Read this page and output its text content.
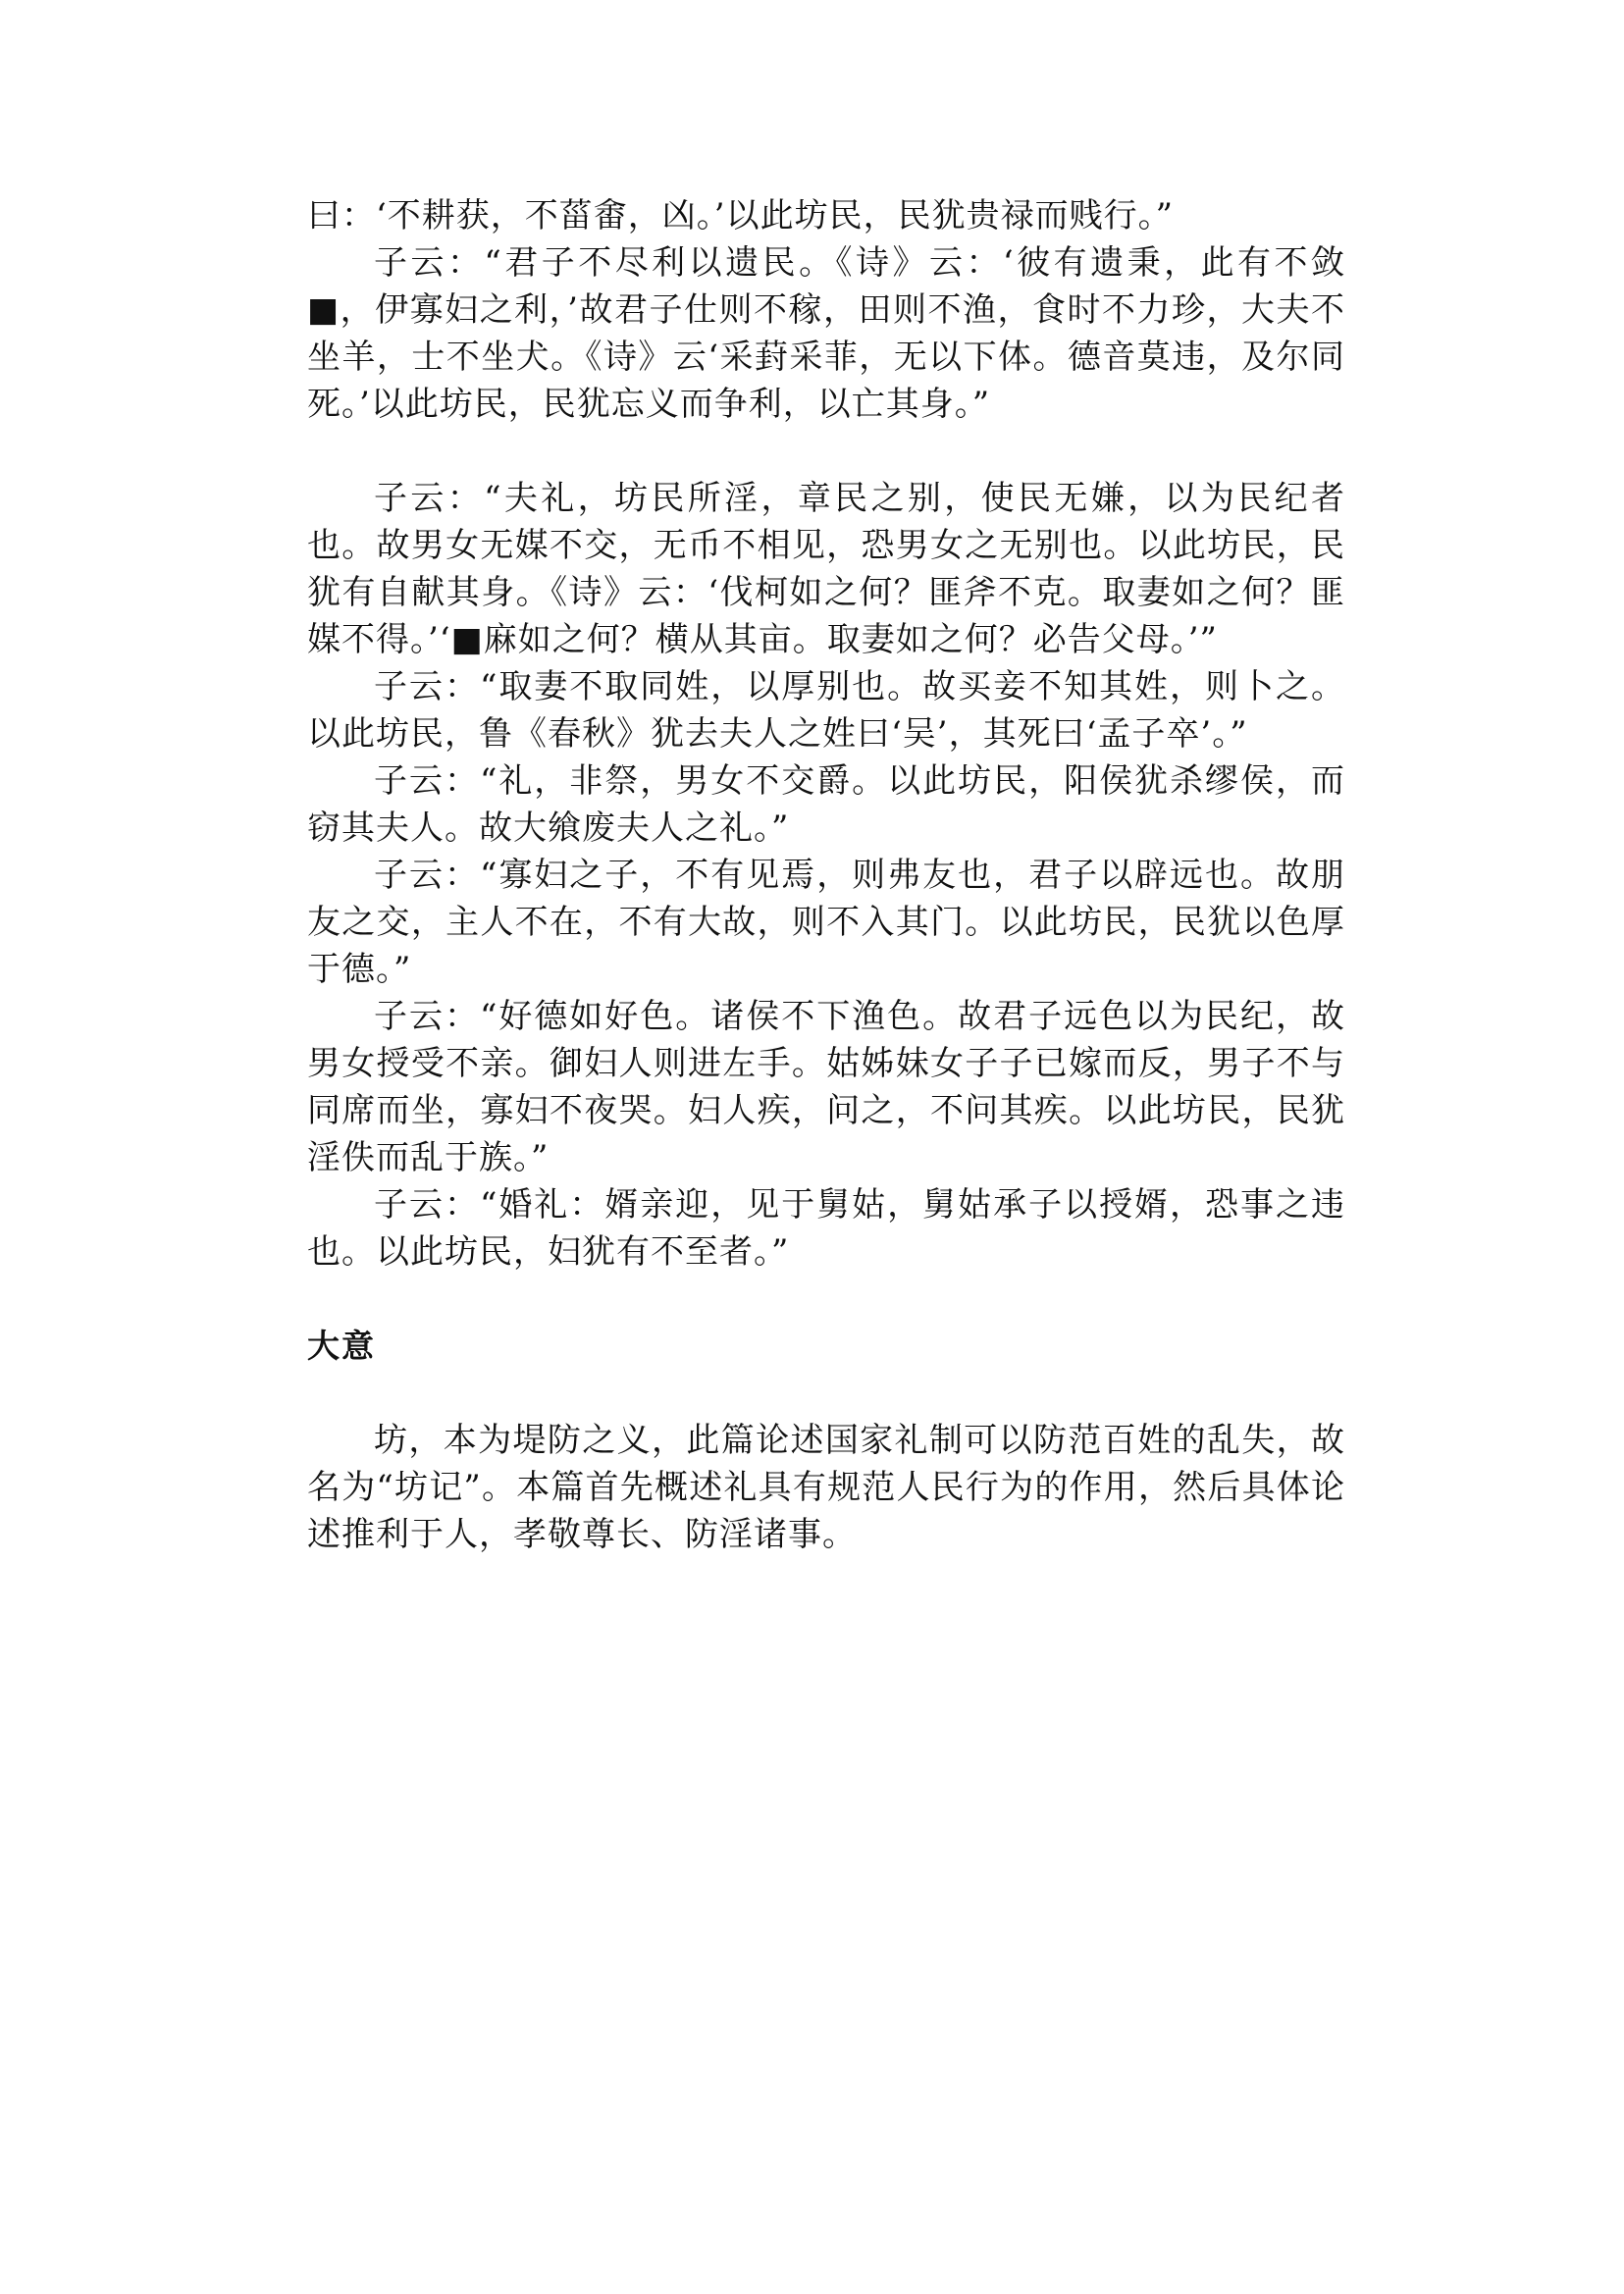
曰：‘不耕获，不菑畬，凶。’以此坊民，民犹贵禄而贱行。”

子云：“君子不尽利以遗民。《诗》云：‘彼有遗秉，此有不敛■，伊寡妇之利，’故君子仕则不稼，田则不渔，食时不力珍，大夫不坐羊，士不坐犬。《诗》云‘采葑采菲，无以下体。德音莫违，及尔同死。’以此坊民，民犹忘义而争利，以亡其身。”

子云：“夫礼，坊民所淫，章民之别，使民无嫌，以为民纪者也。故男女无媒不交，无币不相见，恐男女之无别也。以此坊民，民犹有自献其身。《诗》云：‘伐柯如之何？匪斧不克。取妻如之何？匪媒不得。’‘■麻如之何？横从其亩。取妻如之何？必告父母。’”

子云：“取妻不取同姓，以厚别也。故买妾不知其姓，则卜之。以此坊民，鲁《春秋》犹去夫人之姓曰‘吴’，其死曰‘孟子卒’。”

子云：“礼，非祭，男女不交爵。以此坊民，阳侯犹杀缪侯，而窃其夫人。故大飨废夫人之礼。”

子云：“寡妇之子，不有见焉，则弗友也，君子以辟远也。故朋友之交，主人不在，不有大故，则不入其门。以此坊民，民犹以色厚于德。”

子云：“好德如好色。诸侯不下渔色。故君子远色以为民纪，故男女授受不亲。御妇人则进左手。姑姊妹女子子已嫁而反，男子不与同席而坐，寡妇不夜哭。妇人疾，问之，不问其疾。以此坊民，民犹淫佚而乱于族。”

子云：“婚礼：婿亲迎，见于舅姑，舅姑承子以授婿，恐事之违也。以此坊民，妇犹有不至者。”

大意

坊，本为堤防之义，此篇论述国家礼制可以防范百姓的乱失，故名为“坊记”。本篇首先概述礼具有规范人民行为的作用，然后具体论述推利于人，孝敬尊长、防淫诸事。
